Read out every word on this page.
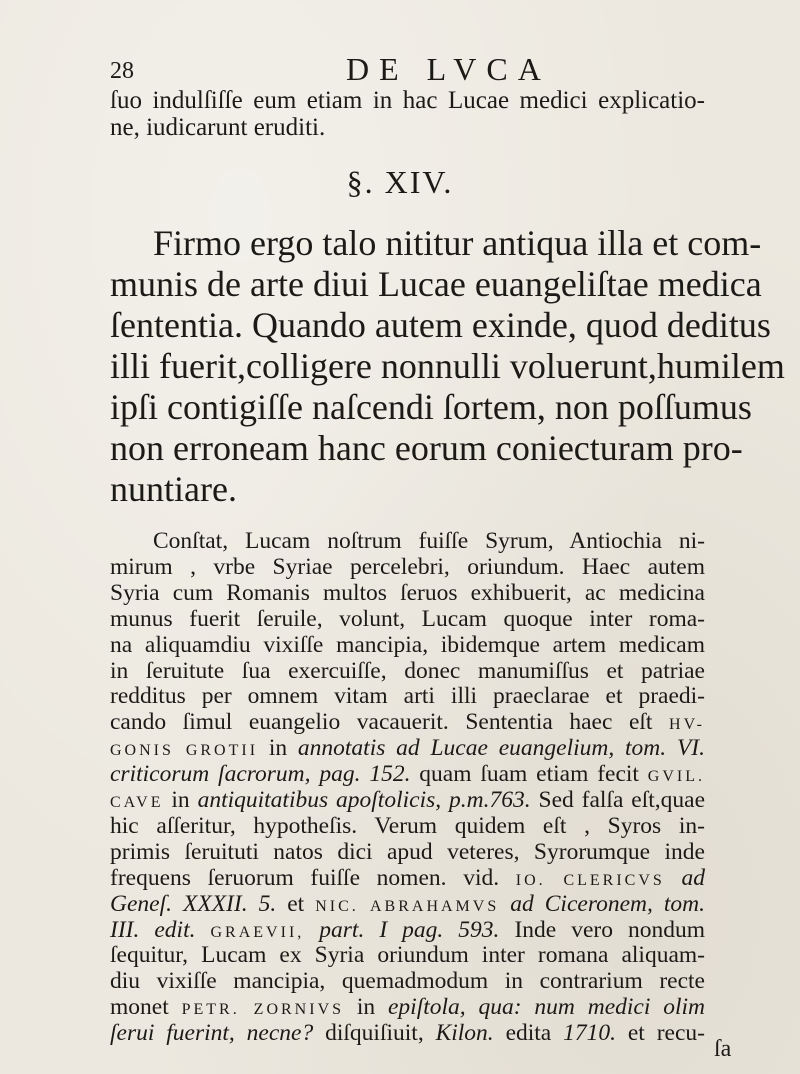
28	DE LVCA
ſuo indulſiſſe eum etiam in hac Lucae medici explicatio-
ne, iudicarunt eruditi.
§. XIV.
Firmo ergo talo nititur antiqua illa et com-
munis de arte diui Lucae euangeliſtae medica
ſententia. Quando autem exinde, quod deditus
illi fuerit,colligere nonnulli voluerunt,humilem
ipſi contigiſſe naſcendi ſortem, non poſſumus
non erroneam hanc eorum coniecturam pro-
nuntiare.
Conſtat, Lucam noſtrum fuiſſe Syrum, Antiochia ni-
mirum , vrbe Syriae percelebri, oriundum. Haec autem
Syria cum Romanis multos ſeruos exhibuerit, ac medicina
munus fuerit ſeruile, volunt, Lucam quoque inter roma-
na aliquamdiu vixiſſe mancipia, ibidemque artem medicam
in ſeruitute ſua exercuiſſe, donec manumiſſus et patriae
redditus per omnem vitam arti illi praeclarae et praedi-
cando ſimul euangelio vacauerit. Sententia haec eſt HV-
GONIS GROTII in annotatis ad Lucae euangelium, tom. VI.
criticorum ſacrorum, pag. 152. quam ſuam etiam fecit GVIL.
CAVE in antiquitatibus apoſtolicis, p.m.763. Sed falſa eſt,quae
hic aſſeritur, hypotheſis. Verum quidem eſt , Syros in-
primis ſeruituti natos dici apud veteres, Syrorumque inde
frequens ſeruorum fuiſſe nomen. vid. IO. CLERICVS ad
Geneſ. XXXII. 5. et NIC. ABRAHAMVS ad Ciceronem, tom.
III. edit. GRAEVII, part. I pag. 593. Inde vero nondum
ſequitur, Lucam ex Syria oriundum inter romana aliquam-
diu vixiſſe mancipia, quemadmodum in contrarium recte
monet PETR. ZORNIVS in epiſtola, qua: num medici olim
ſerui fuerint, necne? diſquiſiuit, Kilon. edita 1710. et recu-
ſa
